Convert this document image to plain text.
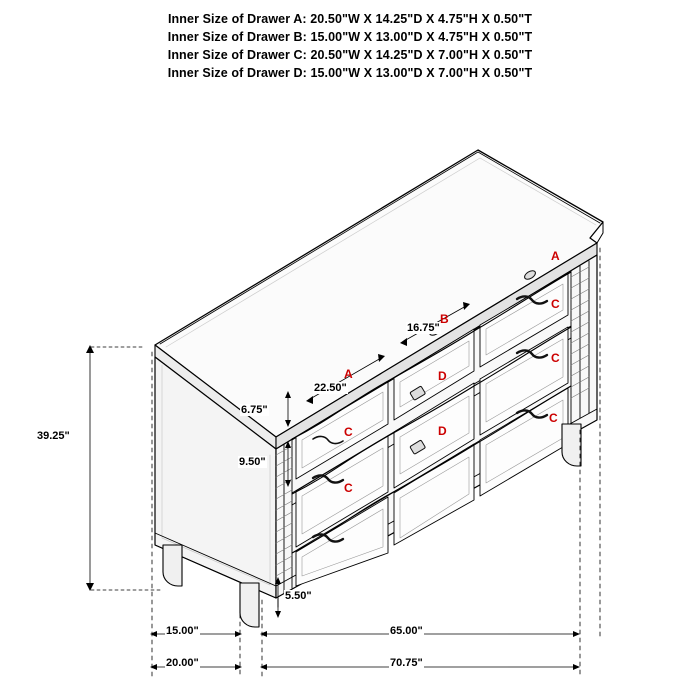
Inner Size of Drawer A: 20.50"W X 14.25"D X 4.75"H X 0.50"T
Inner Size of Drawer B: 15.00"W X 13.00"D X 4.75"H X 0.50"T
Inner Size of Drawer C: 20.50"W X 14.25"D X 7.00"H X 0.50"T
Inner Size of Drawer D: 15.00"W X 13.00"D X 7.00"H X 0.50"T
39.25"
16.75"
22.50"
6.75"
9.50"
5.50"
15.00"	65.00"
20.00"	70.75"
A
C
B
C
A	D
C	D
C
C
